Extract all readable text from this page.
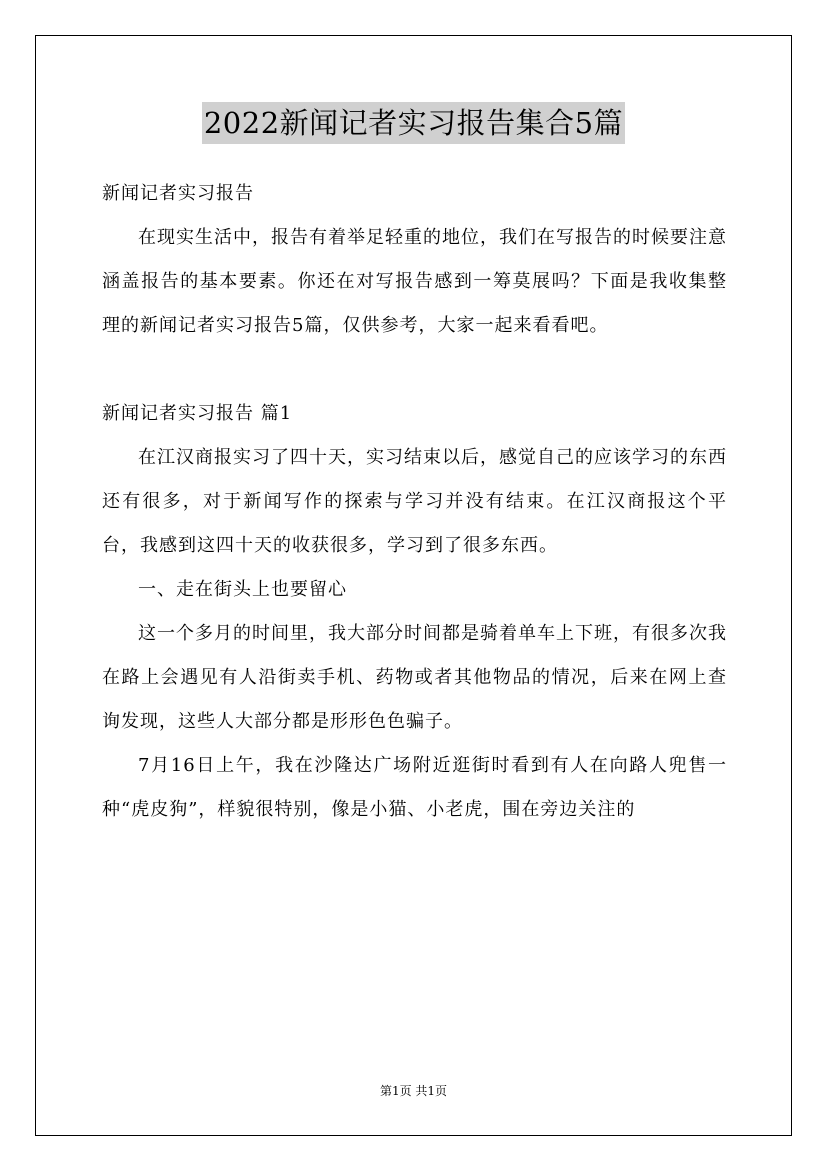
2022新闻记者实习报告集合5篇

新闻记者实习报告

在现实生活中，报告有着举足轻重的地位，我们在写报告的时候要注意涵盖报告的基本要素。你还在对写报告感到一筹莫展吗？下面是我收集整理的新闻记者实习报告5篇，仅供参考，大家一起来看看吧。

新闻记者实习报告 篇1

在江汉商报实习了四十天，实习结束以后，感觉自己的应该学习的东西还有很多，对于新闻写作的探索与学习并没有结束。在江汉商报这个平台，我感到这四十天的收获很多，学习到了很多东西。

一、走在街头上也要留心

这一个多月的时间里，我大部分时间都是骑着单车上下班，有很多次我在路上会遇见有人沿街卖手机、药物或者其他物品的情况，后来在网上查询发现，这些人大部分都是形形色色骗子。

7月16日上午，我在沙隆达广场附近逛街时看到有人在向路人兜售一种“虎皮狗”，样貌很特别，像是小猫、小老虎，围在旁边关注的

第1页 共1页
